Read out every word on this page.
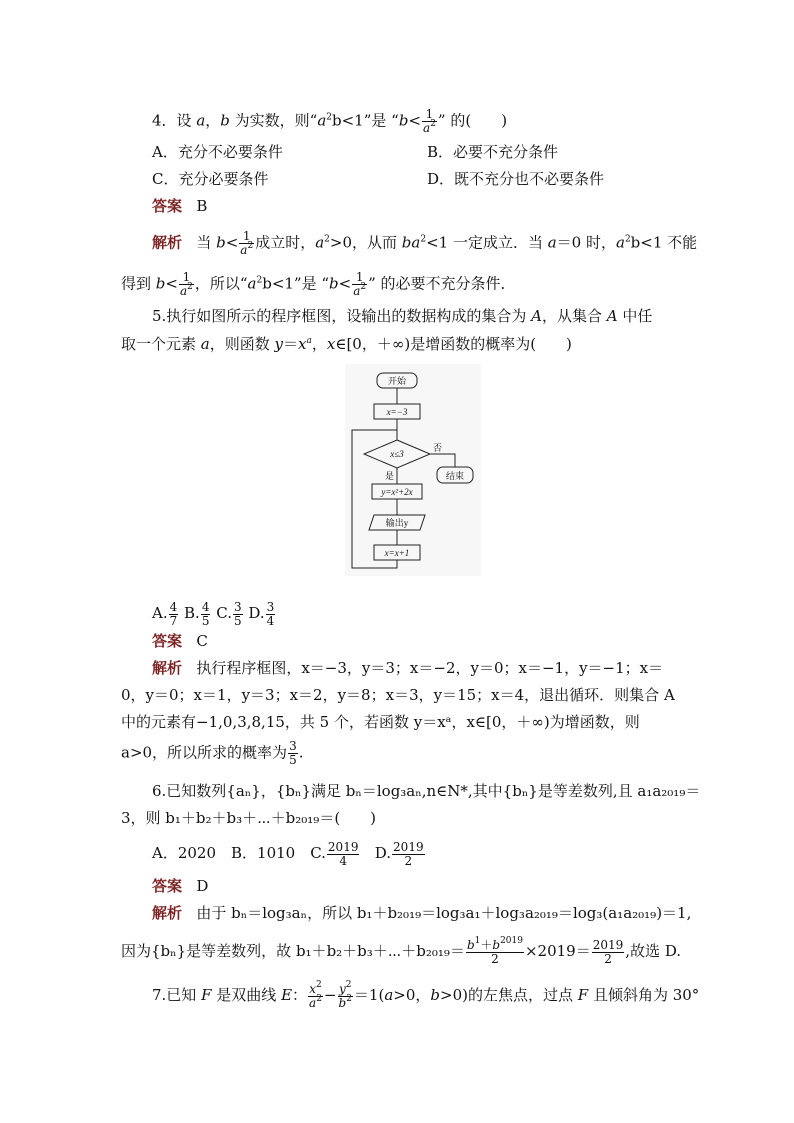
4．设 a，b 为实数，则“$a^2b<1$”是 “$b< \frac{1}{a^2}$ ” 的(　　)
A．充分不必要条件	B．必要不充分条件
C．充分必要条件	D．既不充分也不必要条件
答案 B
解析 当 $b< \frac{1}{a^2}$ 成立时，$a^2>0$，从而 $ba^2<1$ 一定成立．当 a＝0 时，$a^2b<1$ 不能
得到 $b< \frac{1}{a^2}$ ，所以“$a^2b<1$”是 “$b< \frac{1}{a^2}$ ” 的必要不充分条件．
5.执行如图所示的程序框图，设输出的数据构成的集合为 A，从集合 A 中任
取一个元素 a，则函数 $y=x^a$，x∈[0，＋∞)是增函数的概率为(　　)
开始
x=−3
x≤3
否
结束
是
y=x²+2x
输出y
x=x+1
A. $\frac{4}{7} B$. $\frac{4}{5} C$. $\frac{3}{5} D$. $\frac{3}{4}$
答案 C
解析 执行程序框图，x＝−3，y＝3；x＝−2，y＝0；x＝−1，y＝−1；x＝
0，y＝0；x＝1，y＝3；x＝2，y＝8；x＝3，y＝15；x＝4，退出循环．则集合 A
中的元素有−1,0,3,8,15，共 5 个，若函数 y＝xᵃ，x∈[0，＋∞)为增函数，则
a>0，所以所求的概率为 $\frac{3}{5}$ .
6.已知数列{aₙ}，{bₙ}满足 bₙ＝log₃aₙ,n∈N*,其中{bₙ}是等差数列,且 a₁a₂₀₁₉＝
3，则 b₁＋b₂＋b₃＋⋯＋b₂₀₁₉＝(　　)
A．2020　B．1010　C. $\frac{2019}{4} D$. $\frac{2019}{2}$
答案 D
解析 由于 bₙ＝log₃aₙ，所以 b₁＋b₂₀₁₉＝log₃a₁＋log₃a₂₀₁₉＝log₃(a₁a₂₀₁₉)＝1,
因为{bₙ}是等差数列，故 b₁＋b₂＋b₃＋⋯＋b₂₀₁₉＝ $\frac{b^1+b^{2019}}{2} \times 2019= \frac{2019}{2}$ ,故选 D.
7.已知 F 是双曲线 E： $\frac{x^2}{a^2} - \frac{y^2}{b^2} =1(a>0$，b>0)的左焦点，过点 F 且倾斜角为 30°
